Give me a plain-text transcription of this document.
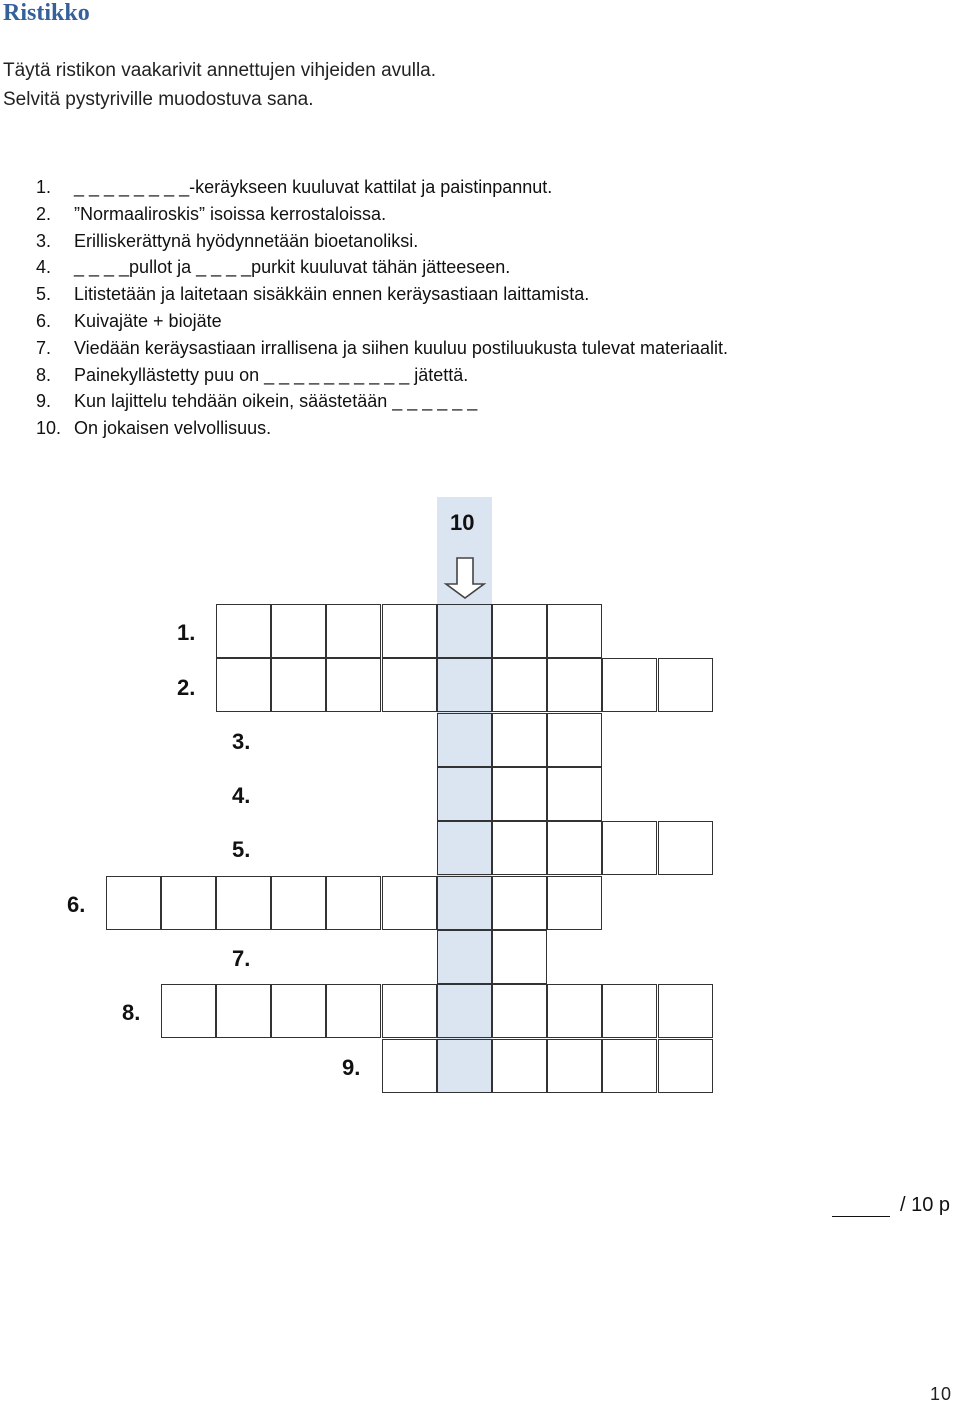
Ristikko
Täytä ristikon vaakarivit annettujen vihjeiden avulla.
Selvitä pystyriville muodostuva sana.
1.	_ _ _ _ _ _ _ _-keräykseen kuuluvat kattilat ja paistinpannut.
2.	”Normaaliroskis” isoissa kerrostaloissa.
3.	Erilliskerättynä hyödynnetään bioetanoliksi.
4.	_ _ _ _pullot ja _ _ _ _purkit kuuluvat tähän jätteeseen.
5.	Litistetään ja laitetaan sisäkkäin ennen keräysastiaan laittamista.
6.	Kuivajäte + biojäte
7.	Viedään keräysastiaan irrallisena ja siihen kuuluu postiluukusta tulevat materiaalit.
8.	Painekyllästetty puu on _ _ _ _ _ _ _ _ _ _ jätettä.
9.	Kun lajittelu tehdään oikein, säästetään _ _ _ _ _ _
10. On jokaisen velvollisuus.
10
1.
2.
3.
4.
5.
6.
7.
8.
9.
/ 10 p
10
